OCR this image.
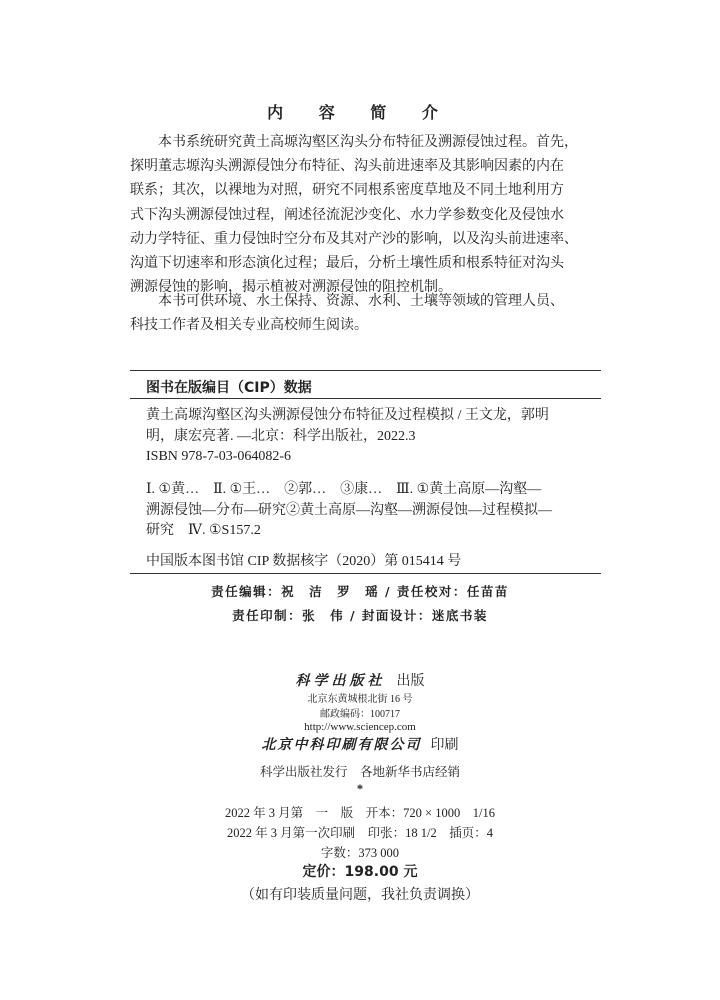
内 容 简 介
本书系统研究黄土高塬沟壑区沟头分布特征及溯源侵蚀过程。首先，
探明董志塬沟头溯源侵蚀分布特征、沟头前进速率及其影响因素的内在
联系；其次，以裸地为对照，研究不同根系密度草地及不同土地利用方
式下沟头溯源侵蚀过程，阐述径流泥沙变化、水力学参数变化及侵蚀水
动力学特征、重力侵蚀时空分布及其对产沙的影响，以及沟头前进速率、
沟道下切速率和形态演化过程；最后，分析土壤性质和根系特征对沟头
溯源侵蚀的影响，揭示植被对溯源侵蚀的阻控机制。
本书可供环境、水土保持、资源、水利、土壤等领域的管理人员、
科技工作者及相关专业高校师生阅读。
图书在版编目（CIP）数据
黄土高塬沟壑区沟头溯源侵蚀分布特征及过程模拟 / 王文龙，郭明
明，康宏亮著. —北京：科学出版社，2022.3
ISBN 978-7-03-064082-6
Ⅰ. ①黄…　Ⅱ. ①王…　②郭…　③康…　Ⅲ. ①黄土高原—沟壑—
溯源侵蚀—分布—研究②黄土高原—沟壑—溯源侵蚀—过程模拟—
研究　Ⅳ. ①S157.2
中国版本图书馆 CIP 数据核字（2020）第 015414 号
责任编辑：祝　洁　罗　瑶 / 责任校对：任苗苗
责任印制：张　伟 / 封面设计：迷底书装
科学出版社 出版
北京东黄城根北街 16 号
邮政编码：100717
http://www.sciencep.com
北京中科印刷有限公司 印刷
科学出版社发行　各地新华书店经销
*
2022 年 3 月第　一　版　开本：720 × 1000　1/16
2022 年 3 月第一次印刷　印张：18 1/2　插页：4
字数：373 000
定价：198.00 元
（如有印装质量问题，我社负责调换）
